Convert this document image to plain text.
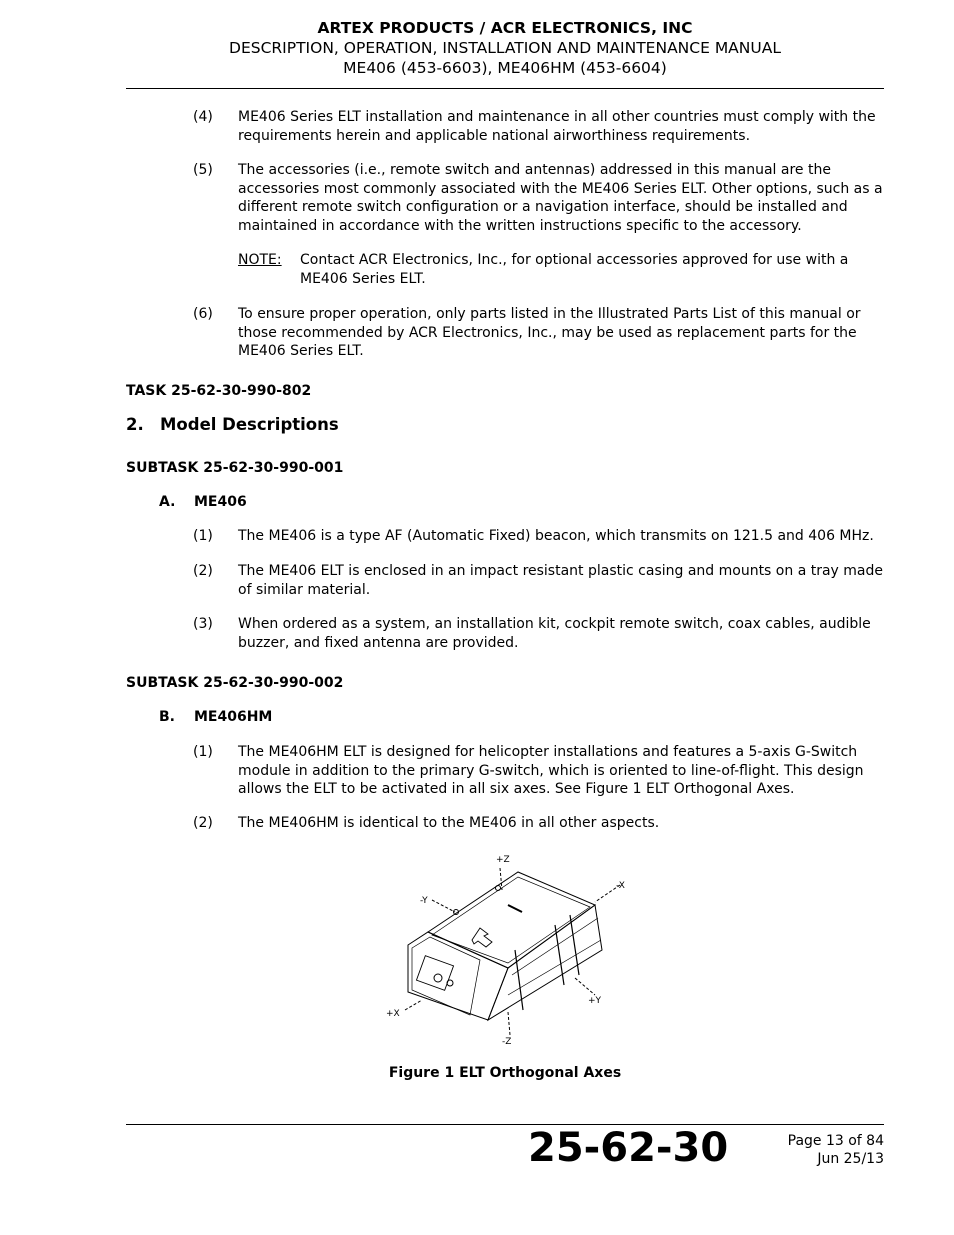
ARTEX PRODUCTS / ACR ELECTRONICS, INC
DESCRIPTION, OPERATION, INSTALLATION AND MAINTENANCE MANUAL
ME406 (453-6603), ME406HM (453-6604)
(4) ME406 Series ELT installation and maintenance in all other countries must comply with the requirements herein and applicable national airworthiness requirements.
(5) The accessories (i.e., remote switch and antennas) addressed in this manual are the accessories most commonly associated with the ME406 Series ELT. Other options, such as a different remote switch configuration or a navigation interface, should be installed and maintained in accordance with the written instructions specific to the accessory.
NOTE: Contact ACR Electronics, Inc., for optional accessories approved for use with a ME406 Series ELT.
(6) To ensure proper operation, only parts listed in the Illustrated Parts List of this manual or those recommended by ACR Electronics, Inc., may be used as replacement parts for the ME406 Series ELT.
TASK 25-62-30-990-802
2. Model Descriptions
SUBTASK 25-62-30-990-001
A. ME406
(1) The ME406 is a type AF (Automatic Fixed) beacon, which transmits on 121.5 and 406 MHz.
(2) The ME406 ELT is enclosed in an impact resistant plastic casing and mounts on a tray made of similar material.
(3) When ordered as a system, an installation kit, cockpit remote switch, coax cables, audible buzzer, and fixed antenna are provided.
SUBTASK 25-62-30-990-002
B. ME406HM
(1) The ME406HM ELT is designed for helicopter installations and features a 5-axis G-Switch module in addition to the primary G-switch, which is oriented to line-of-flight. This design allows the ELT to be activated in all six axes. See Figure 1 ELT Orthogonal Axes.
(2) The ME406HM is identical to the ME406 in all other aspects.
+Z
-Z
+X
-X
+Y
-Y
Figure 1 ELT Orthogonal Axes
25-62-30	Page 13 of 84
Jun 25/13
